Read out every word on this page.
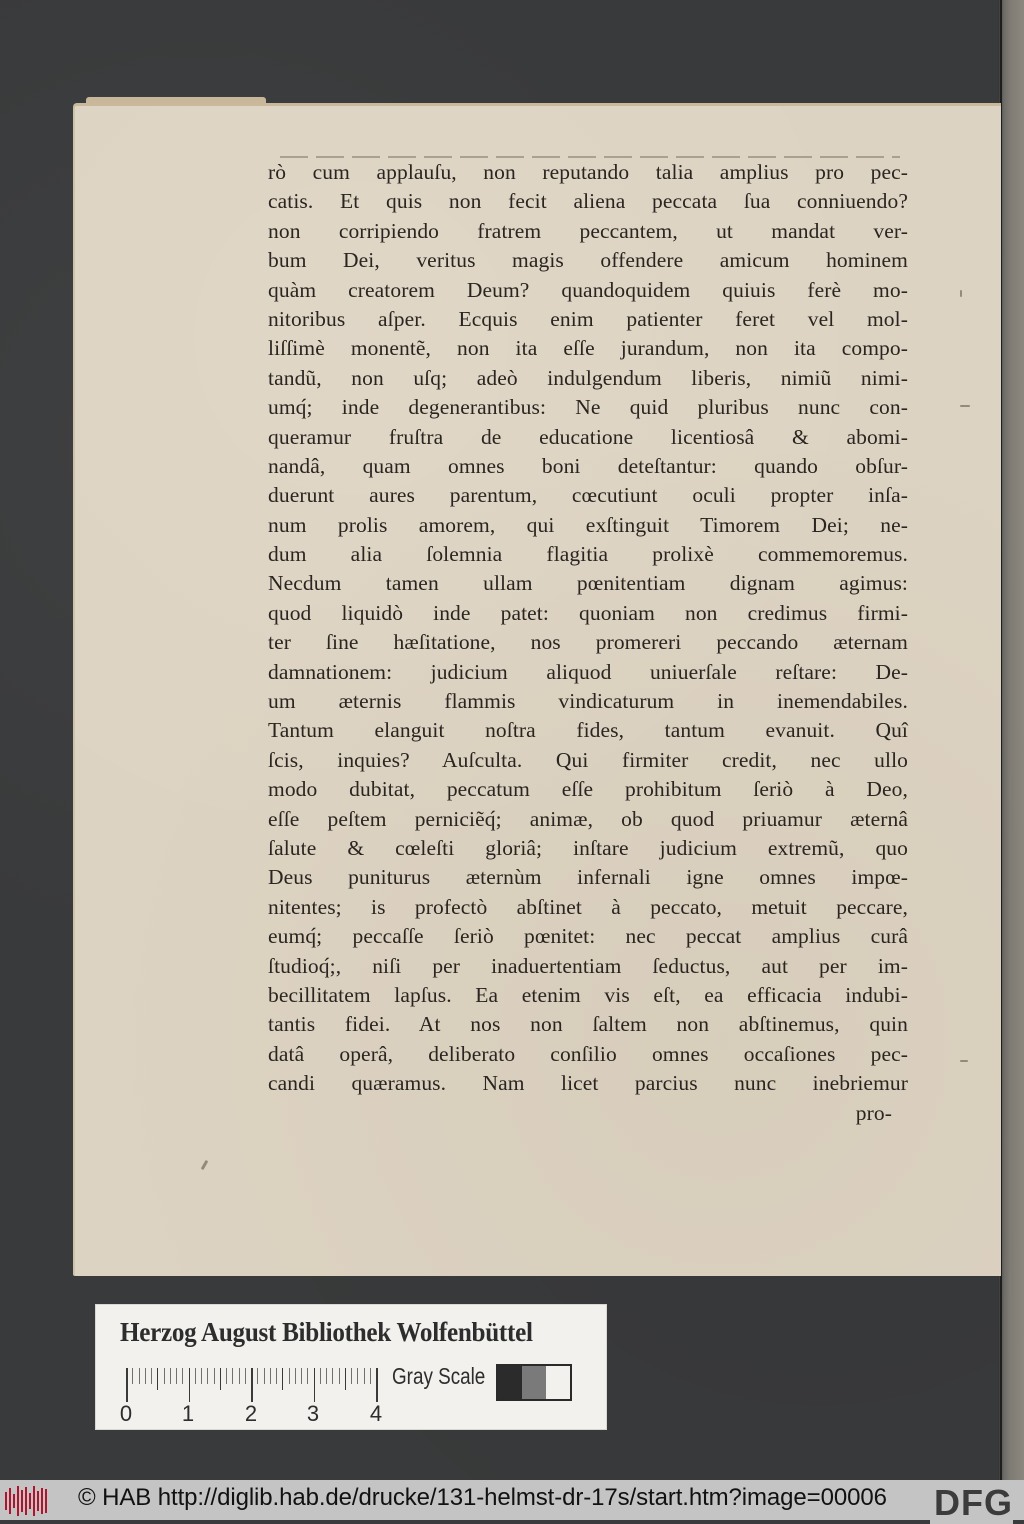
rò cum applauſu, non reputando talia amplius pro pec-
catis. Et quis non fecit aliena peccata ſua conniuendo?
non corripiendo fratrem peccantem, ut mandat ver-
bum Dei, veritus magis offendere amicum hominem
quàm creatorem Deum? quandoquidem quiuis ferè mo-
nitoribus aſper. Ecquis enim patienter feret vel mol-
liſſimè monentẽ, non ita eſſe jurandum, non ita compo-
tandũ, non uſq; adeò indulgendum liberis, nimiũ nimi-
umq́; inde degenerantibus: Ne quid pluribus nunc con-
queramur fruſtra de educatione licentiosâ & abomi-
nandâ, quam omnes boni deteſtantur: quando obſur-
duerunt aures parentum, cœcutiunt oculi propter inſa-
num prolis amorem, qui exſtinguit Timorem Dei; ne-
dum alia ſolemnia flagitia prolixè commemoremus.
Necdum tamen ullam pœnitentiam dignam agimus:
quod liquidò inde patet: quoniam non credimus firmi-
ter ſine hæſitatione, nos promereri peccando æternam
damnationem: judicium aliquod uniuerſale reſtare: De-
um æternis flammis vindicaturum in inemendabiles.
Tantum elanguit noſtra fides, tantum evanuit. Quî
ſcis, inquies? Auſculta. Qui firmiter credit, nec ullo
modo dubitat, peccatum eſſe prohibitum ſeriò à Deo,
eſſe peſtem perniciẽq́; animæ, ob quod priuamur æternâ
ſalute & cœleſti gloriâ; inſtare judicium extremũ, quo
Deus puniturus æternùm infernali igne omnes impœ-
nitentes; is profectò abſtinet à peccato, metuit peccare,
eumq́; peccaſſe ſeriò pœnitet: nec peccat amplius curâ
ſtudioq́;, niſi per inaduertentiam ſeductus, aut per im-
becillitatem lapſus. Ea etenim vis eſt, ea efficacia indubi-
tantis fidei. At nos non ſaltem non abſtinemus, quin
datâ operâ, deliberato conſilio omnes occaſiones pec-
candi quæramus. Nam licet parcius nunc inebriemur
pro-
Herzog August Bibliothek Wolfenbüttel
0 1 2 3 4
Gray Scale
© HAB http://diglib.hab.de/drucke/131-helmst-dr-17s/start.htm?image=00006 DFG
